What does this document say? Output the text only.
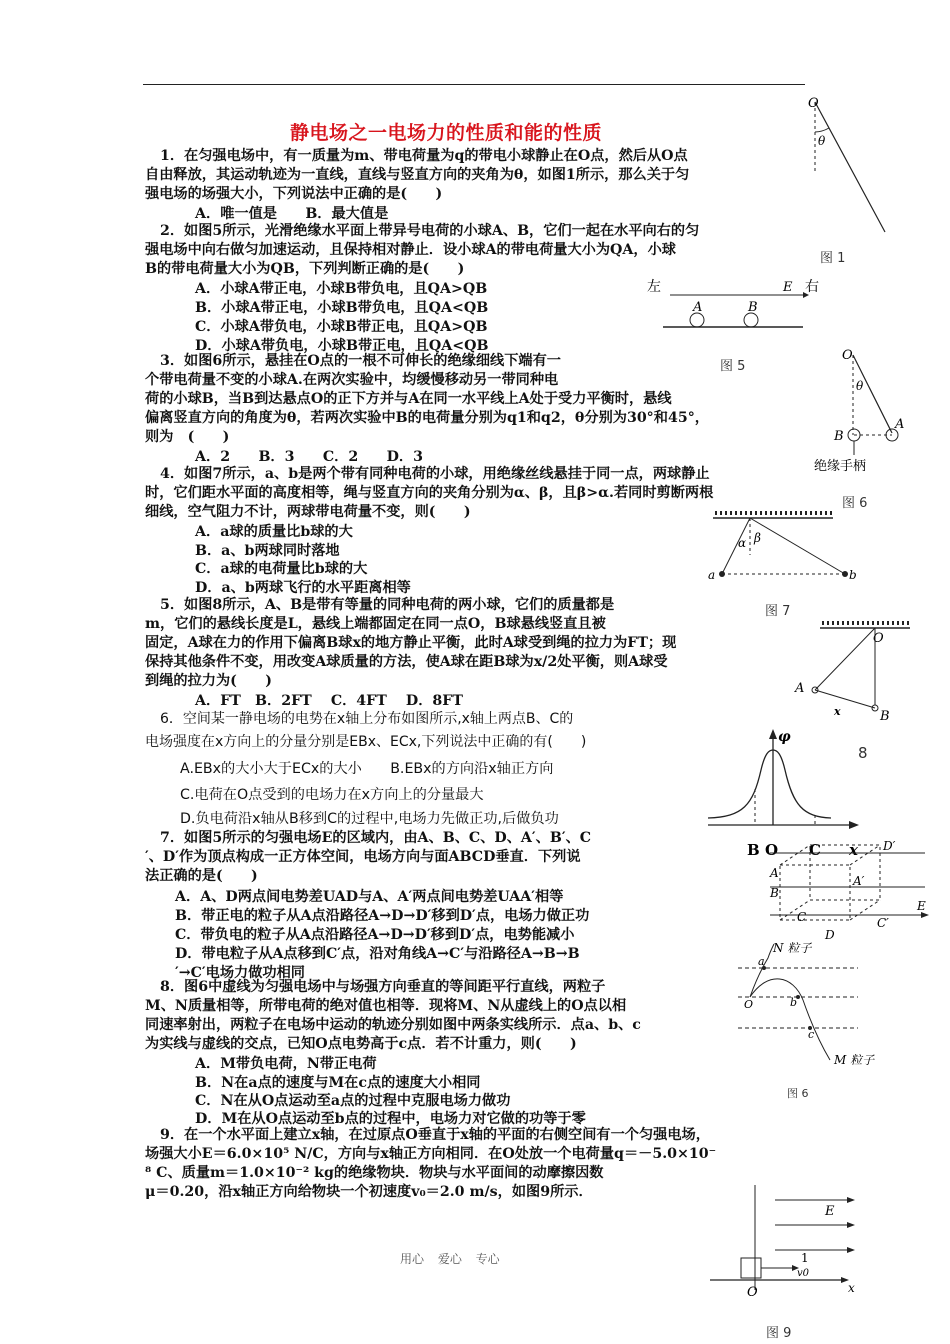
静电场之一电场力的性质和能的性质
1．在匀强电场中，有一质量为m、带电荷量为q的带电小球静止在O点，然后从O点
自由释放，其运动轨迹为一直线，直线与竖直方向的夹角为θ，如图1所示，那么关于匀
强电场的场强大小，下列说法中正确的是(　　)
A．唯一值是　　B．最大值是
2．如图5所示，光滑绝缘水平面上带异号电荷的小球A、B，它们一起在水平向右的匀
强电场中向右做匀加速运动，且保持相对静止．设小球A的带电荷量大小为QA，小球
B的带电荷量大小为QB，下列判断正确的是(　　)
A．小球A带正电，小球B带负电，且QA>QB
B．小球A带正电，小球B带负电，且QA<QB
C．小球A带负电，小球B带正电，且QA>QB
D．小球A带负电，小球B带正电，且QA<QB
3．如图6所示，悬挂在O点的一根不可伸长的绝缘细线下端有一
个带电荷量不变的小球A.在两次实验中，均缓慢移动另一带同种电
荷的小球B，当B到达悬点O的正下方并与A在同一水平线上A处于受力平衡时，悬线
偏离竖直方向的角度为θ，若两次实验中B的电荷量分别为q1和q2，θ分别为30°和45°，
则为　(　　)
A．2　　B．3　　C．2　　D．3
4．如图7所示，a、b是两个带有同种电荷的小球，用绝缘丝线悬挂于同一点，两球静止
时，它们距水平面的高度相等，绳与竖直方向的夹角分别为α、β，且β>α.若同时剪断两根
细线，空气阻力不计，两球带电荷量不变，则(　　)
A．a球的质量比b球的大
B．a、b两球同时落地
C．a球的电荷量比b球的大
D．a、b两球飞行的水平距离相等
5．如图8所示，A、B是带有等量的同种电荷的两小球，它们的质量都是
m，它们的悬线长度是L，悬线上端都固定在同一点O，B球悬线竖直且被
固定，A球在力的作用下偏离B球x的地方静止平衡，此时A球受到绳的拉力为FT；现
保持其他条件不变，用改变A球质量的方法，使A球在距B球为x/2处平衡，则A球受
到绳的拉力为(　　)
A．FT　B．2FT　 C．4FT　 D．8FT
6．空间某一静电场的电势在x轴上分布如图所示,x轴上两点B、C的
电场强度在x方向上的分量分别是EBx、ECx,下列说法中正确的有(　　)
A.EBx的大小大于ECx的大小　　B.EBx的方向沿x轴正方向
C.电荷在O点受到的电场力在x方向上的分量最大
D.负电荷沿x轴从B移到C的过程中,电场力先做正功,后做负功
7．如图5所示的匀强电场E的区域内，由A、B、C、D、A′、B′、C
′、D′作为顶点构成一正方体空间，电场方向与面ABCD垂直．下列说
法正确的是(　　)
A．A、D两点间电势差UAD与A、A′两点间电势差UAA′相等
B．带正电的粒子从A点沿路径A→D→D′移到D′点，电场力做正功
C．带负电的粒子从A点沿路径A→D→D′移到D′点，电势能减小
D．带电粒子从A点移到C′点，沿对角线A→C′与沿路径A→B→B
′→C′电场力做功相同
8．图6中虚线为匀强电场中与场强方向垂直的等间距平行直线，两粒子
M、N质量相等，所带电荷的绝对值也相等．现将M、N从虚线上的O点以相
同速率射出，两粒子在电场中运动的轨迹分别如图中两条实线所示．点a、b、c
为实线与虚线的交点，已知O点电势高于c点．若不计重力，则(　　)
A．M带负电荷，N带正电荷
B．N在a点的速度与M在c点的速度大小相同
C．N在从O点运动至a点的过程中克服电场力做功
D．M在从O点运动至b点的过程中，电场力对它做的功等于零
9．在一个水平面上建立x轴，在过原点O垂直于x轴的平面的右侧空间有一个匀强电场，
场强大小E＝6.0×10⁵ N/C，方向与x轴正方向相同．在O处放一个电荷量q＝－5.0×10⁻
⁸ C、质量m＝1.0×10⁻² kg的绝缘物块．物块与水平面间的动摩擦因数
μ＝0.20，沿x轴正方向给物块一个初速度v₀＝2.0 m/s，如图9所示．
用心 爱心 专心
O
θ
图 1
左	右
E
A	B
图 5
O
θ
B
A
绝缘手柄
图 6
α β
a	b
图 7
O
A
B
x
8
φ
B O C x D′
A
A′
B
C	C′
D
E
N 粒子
a
O	b
c
M 粒子
图 6
E
1
v0
O	x
图 9
